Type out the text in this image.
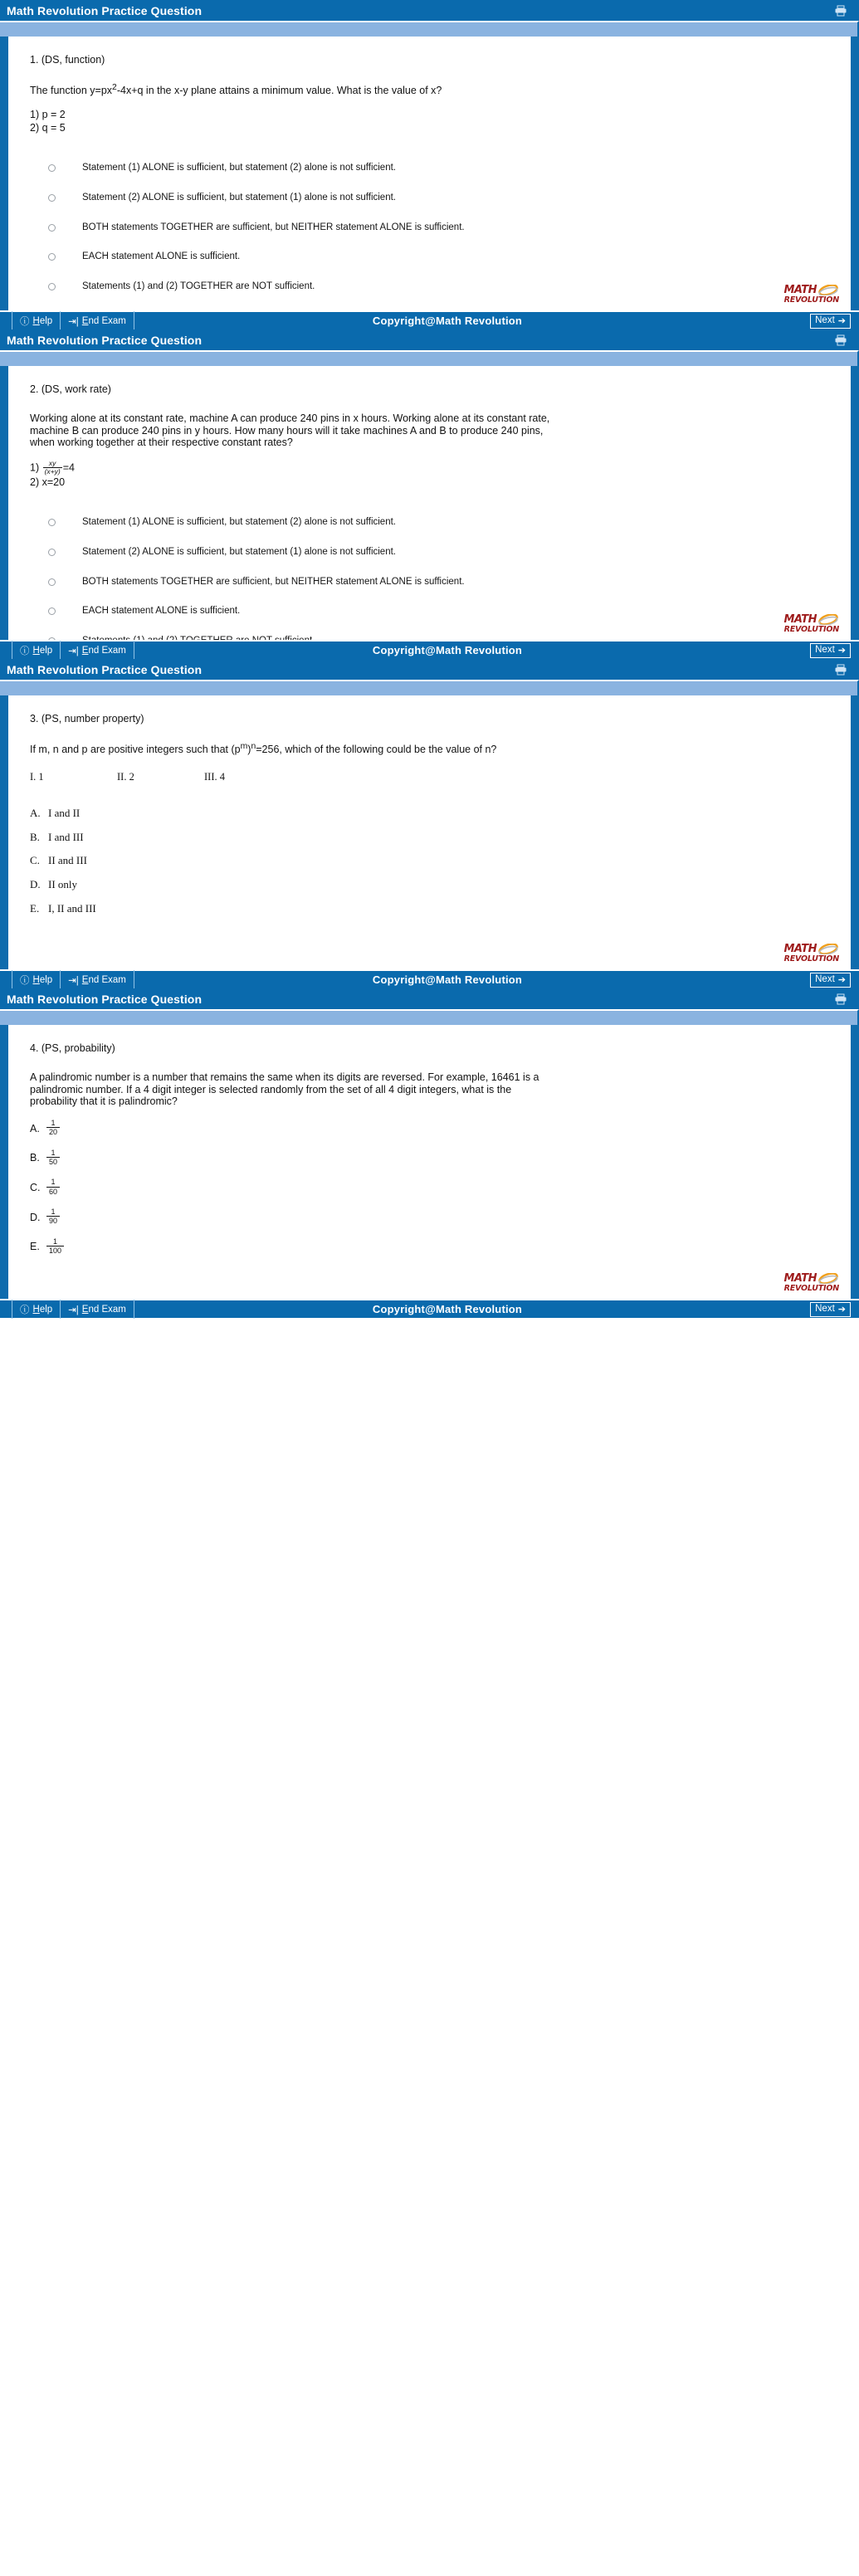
Math Revolution Practice Question
1. (DS, function)
The function $y=px^2-4x+q$ in the x-y plane attains a minimum value. What is the value of x?
1) p = 2
2) q = 5
Statement (1) ALONE is sufficient, but statement (2) alone is not sufficient.
Statement (2) ALONE is sufficient, but statement (1) alone is not sufficient.
BOTH statements TOGETHER are sufficient, but NEITHER statement ALONE is sufficient.
EACH statement ALONE is sufficient.
Statements (1) and (2) TOGETHER are NOT sufficient.	MATH
REVOLUTION
ⓘ Help ⇥| End Exam	Copyright@Math Revolution	Next ➔
Math Revolution Practice Question
2. (DS, work rate)
Working alone at its constant rate, machine A can produce 240 pins in x hours. Working alone at its constant rate,
machine B can produce 240 pins in y hours. How many hours will it take machines A and B to produce 240 pins,
when working together at their respective constant rates?
$1) \frac{xy}{(x+y)} =4$
2) x=20
Statement (1) ALONE is sufficient, but statement (2) alone is not sufficient.
Statement (2) ALONE is sufficient, but statement (1) alone is not sufficient.
BOTH statements TOGETHER are sufficient, but NEITHER statement ALONE is sufficient.
EACH statement ALONE is sufficient.
MATH
REVOLUTION
ⓘ Help ⇥| End Exam	Copyright@Math Revolution	Next ➔
Math Revolution Practice Question
3. (PS, number property)
If m, n and p are positive integers such that $(p^m)^n=256$, which of the following could be the value of n?
I. 1	II. 2	III. 4
A. I and II
B. I and III
C. II and III
D. II only
E. I, II and III
MATH
REVOLUTION
ⓘ Help ⇥| End Exam	Copyright@Math Revolution	Next ➔
Math Revolution Practice Question
4. (PS, probability)
A palindromic number is a number that remains the same when its digits are reversed. For example, 16461 is a
palindromic number. If a 4 digit integer is selected randomly from the set of all 4 digit integers, what is the
probability that it is palindromic?
A. $\frac{1}{20}$
B. $\frac{1}{50}$
C. $\frac{1}{60}$
D. $\frac{1}{90}$
E. $\frac{1}{100}$
MATH
REVOLUTION
ⓘ Help ⇥| End Exam	Copyright@Math Revolution	Next ➔
